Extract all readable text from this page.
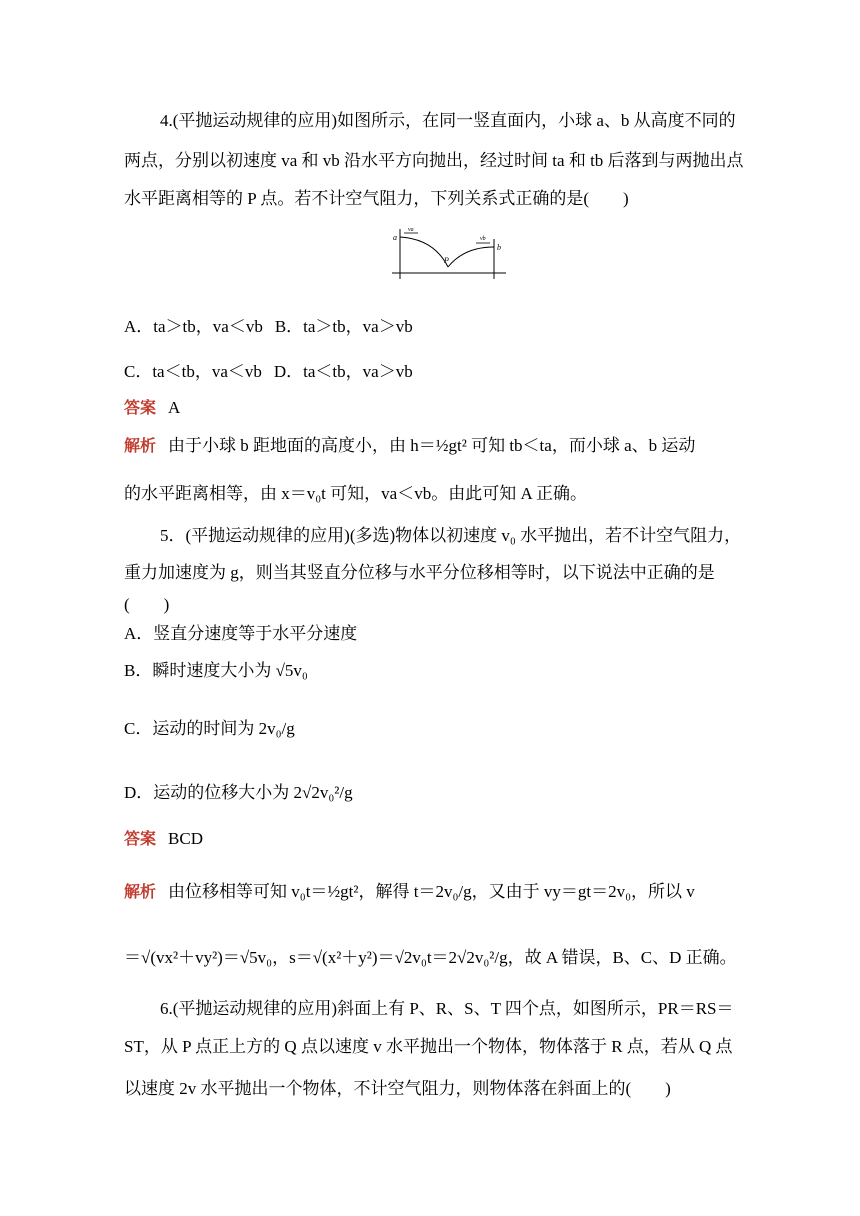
4.(平抛运动规律的应用)如图所示，在同一竖直面内，小球 a、b 从高度不同的
两点，分别以初速度 va 和 vb 沿水平方向抛出，经过时间 ta 和 tb 后落到与两抛出点
水平距离相等的 P 点。若不计空气阻力，下列关系式正确的是(　　)
a
va
vb
b
P
A．ta＞tb，va＜vb B．ta＞tb，va＞vb
C．ta＜tb，va＜vb D．ta＜tb，va＞vb
答案 A
解析 由于小球 b 距地面的高度小，由 h＝½gt² 可知 tb＜ta，而小球 a、b 运动
的水平距离相等，由 x＝v₀t 可知，va＜vb。由此可知 A 正确。
5．(平抛运动规律的应用)(多选)物体以初速度 v₀ 水平抛出，若不计空气阻力，
重力加速度为 g，则当其竖直分位移与水平分位移相等时，以下说法中正确的是
(　　)
A．竖直分速度等于水平分速度
B．瞬时速度大小为 √5v₀
C．运动的时间为 2v₀/g
D．运动的位移大小为 2√2v₀²/g
答案 BCD
解析 由位移相等可知 v₀t＝½gt²，解得 t＝2v₀/g，又由于 vy＝gt＝2v₀，所以 v
＝√(vx²＋vy²)＝√5v₀，s＝√(x²＋y²)＝√2v₀t＝2√2v₀²/g，故 A 错误，B、C、D 正确。
6.(平抛运动规律的应用)斜面上有 P、R、S、T 四个点，如图所示，PR＝RS＝
ST，从 P 点正上方的 Q 点以速度 v 水平抛出一个物体，物体落于 R 点，若从 Q 点
以速度 2v 水平抛出一个物体，不计空气阻力，则物体落在斜面上的(　　)
